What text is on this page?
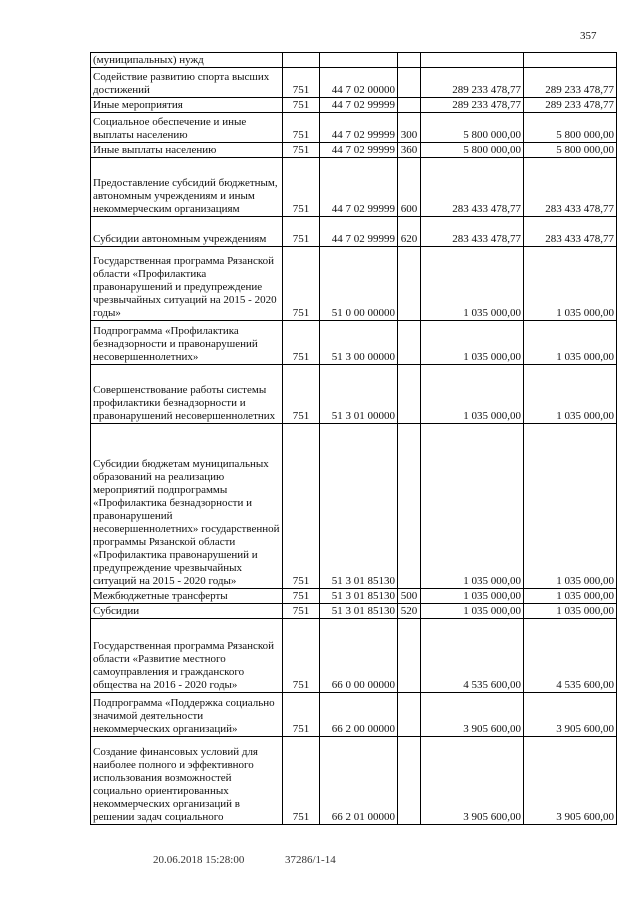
357
(муниципальных) нужд					
Содействие развитию спорта высших достижений	751	44 7 02 00000		289 233 478,77	289 233 478,77
Иные мероприятия	751	44 7 02 99999		289 233 478,77	289 233 478,77
Социальное обеспечение и иные выплаты населению	751	44 7 02 99999	300	5 800 000,00	5 800 000,00
Иные выплаты населению	751	44 7 02 99999	360	5 800 000,00	5 800 000,00
Предоставление субсидий бюджетным, автономным учреждениям и иным некоммерческим организациям	751	44 7 02 99999	600	283 433 478,77	283 433 478,77
Субсидии автономным учреждениям	751	44 7 02 99999	620	283 433 478,77	283 433 478,77
Государственная программа Рязанской области «Профилактика правонарушений и предупреждение чрезвычайных ситуаций на 2015 - 2020 годы»	751	51 0 00 00000		1 035 000,00	1 035 000,00
Подпрограмма «Профилактика безнадзорности и правонарушений несовершеннолетних»	751	51 3 00 00000		1 035 000,00	1 035 000,00
Совершенствование работы системы профилактики безнадзорности и правонарушений несовершеннолетних	751	51 3 01 00000		1 035 000,00	1 035 000,00
Субсидии бюджетам муниципальных образований на реализацию мероприятий подпрограммы «Профилактика безнадзорности и правонарушений несовершеннолетних» государственной программы Рязанской области «Профилактика правонарушений и предупреждение чрезвычайных ситуаций на 2015 - 2020 годы»	751	51 3 01 85130		1 035 000,00	1 035 000,00
Межбюджетные трансферты	751	51 3 01 85130	500	1 035 000,00	1 035 000,00
Субсидии	751	51 3 01 85130	520	1 035 000,00	1 035 000,00
Государственная программа Рязанской области «Развитие местного самоуправления и гражданского общества на 2016 - 2020 годы»	751	66 0 00 00000		4 535 600,00	4 535 600,00
Подпрограмма «Поддержка социально значимой деятельности некоммерческих организаций»	751	66 2 00 00000		3 905 600,00	3 905 600,00
Создание финансовых условий для наиболее полного и эффективного использования возможностей социально ориентированных некоммерческих организаций в решении задач социального	751	66 2 01 00000		3 905 600,00	3 905 600,00
20.06.2018 15:28:00	37286/1-14
